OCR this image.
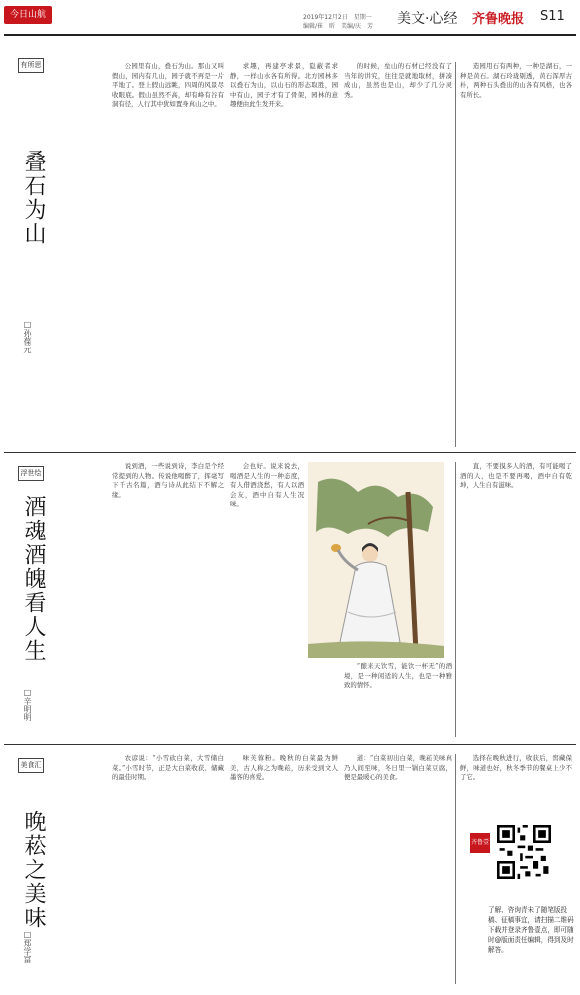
今日山航	2019年12月2日　星期一
编辑/崔　昕　美编/庆　芳 美文·心经 齐鲁晚报 S11
有所思
叠石为山
□孙葆元

公园里有山，叠石为山。那山又叫假山，园内有几山，园子就不再是一片平地了。登上假山远眺，四周的风景尽收眼底。假山虽然不高，却有峰有谷有洞有径，人行其中犹如置身真山之中。

求趣，再建亭求景，隐蔽者求静，一样山水各有所得。北方园林多以叠石为山，以山石的形态取胜，园中有山，园子才有了骨架，园林的意趣便由此生发开来。

的时候，垒山的石材已经没有了当年的讲究，往往是就地取材，拼凑成山，虽然也是山，却少了几分灵秀。

造园用石有两种，一种是湖石，一种是黄石。湖石玲珑剔透，黄石浑厚古朴，两种石头叠出的山各有风格，也各有所长。

浮世绘
酒魂酒魄看人生
□辛明明

说到酒，一些说到诗，李白是个经常提到的人物。传说他喝醉了，挥毫写下千古名篇，酒与诗从此结下不解之缘。

会也好。说来说去，喝酒是人生的一种态度，有人借酒浇愁，有人以酒会友，酒中自有人生况味。

“酿来天饮雪，能饮一杯无”的酒境，是一种闲适的人生，也是一种雅致的情怀。

直，不要摸多人的酒，有可能喝了酒的人，也是不要再喝，酒中自有乾坤，人生自有滋味。

美食汇
晚菘之美味
□郑学富

农谚说：“小雪砍白菜，大雪储白菜。”小雪时节，正是大白菜收获、储藏的最佳时期。

味芙蓉粉。晚秋的白菜最为鲜美，古人称之为晚菘，历来受到文人墨客的喜爱。

道：“白菜初出白菜，晚菘美味真乃人间至味，冬日里一锅白菜豆腐，便是最暖心的美食。

选择在晚秋进行，收获后，窖藏保鲜，味道也好，秋冬季节的餐桌上少不了它。

齐鲁壹点
了解、咨询青未了随笔版投稿、征稿事宜，请扫描二维码下载并登录齐鲁壹点，即可随时@版面责任编辑，得到及时解答。
